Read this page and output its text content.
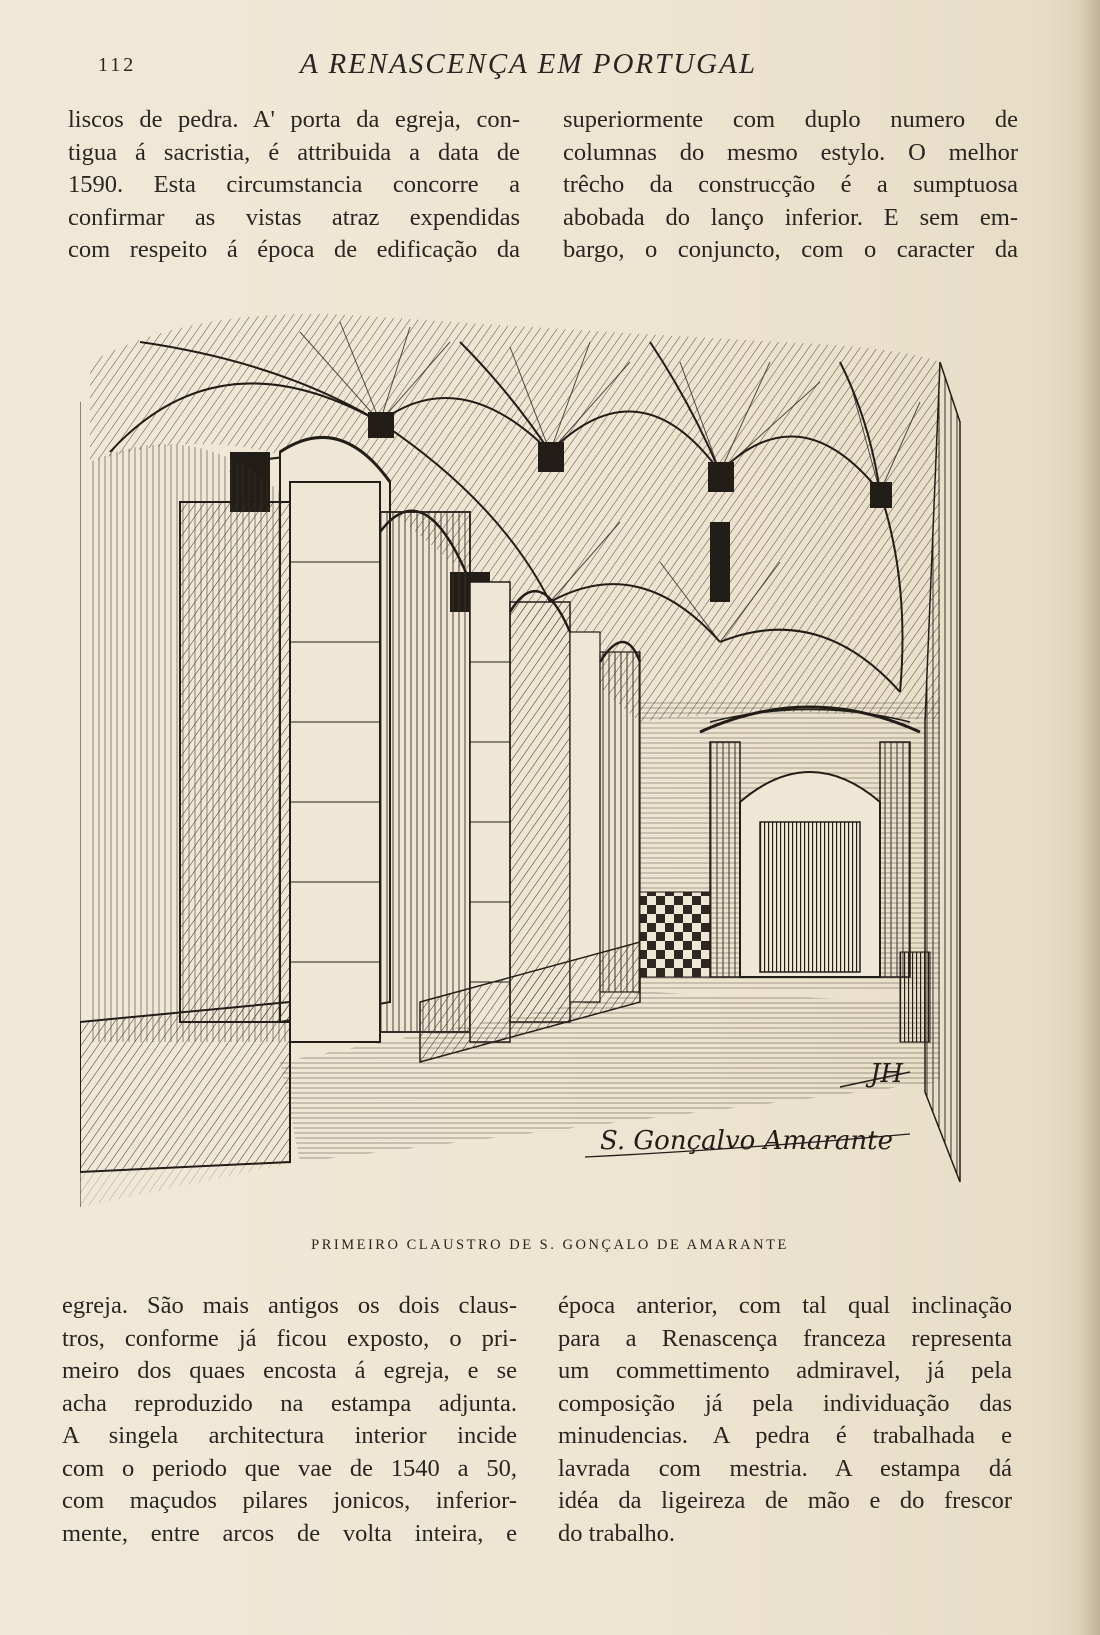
112	A RENASCENÇA EM PORTUGAL
liscos de pedra. A' porta da egreja, con-
tigua á sacristia, é attribuida a data de
1590. Esta circumstancia concorre a
confirmar as vistas atraz expendidas
com respeito á época de edificação da
superiormente com duplo numero de
columnas do mesmo estylo. O melhor
trêcho da construcção é a sumptuosa
abobada do lanço inferior. E sem em-
bargo, o conjuncto, com o caracter da
S. Gonçalvo Amarante
JH
PRIMEIRO CLAUSTRO DE S. GONÇALO DE AMARANTE
egreja. São mais antigos os dois claus-
tros, conforme já ficou exposto, o pri-
meiro dos quaes encosta á egreja, e se
acha reproduzido na estampa adjunta.
A singela architectura interior incide
com o periodo que vae de 1540 a 50,
com maçudos pilares jonicos, inferior-
mente, entre arcos de volta inteira, e
época anterior, com tal qual inclinação
para a Renascença franceza representa
um commettimento admiravel, já pela
composição já pela individuação das
minudencias. A pedra é trabalhada e
lavrada com mestria. A estampa dá
idéa da ligeireza de mão e do frescor
do trabalho.
